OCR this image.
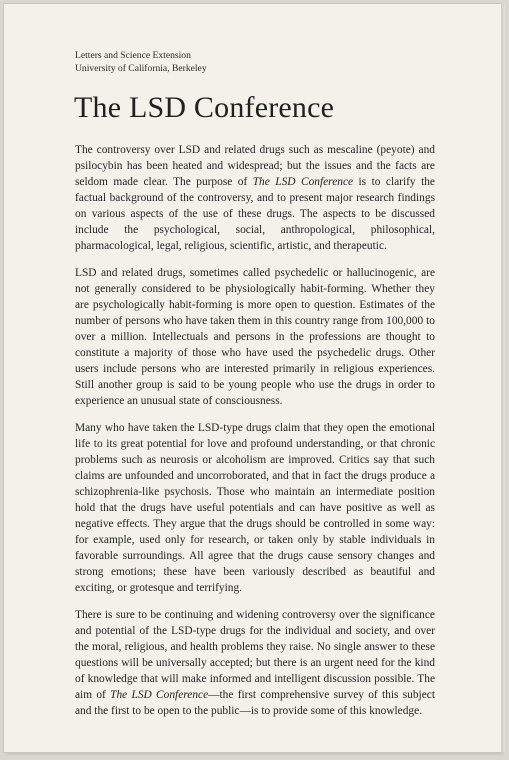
Letters and Science Extension
University of California, Berkeley
The LSD Conference

The controversy over LSD and related drugs such as mescaline (peyote) and psilocybin has been heated and widespread; but the issues and the facts are seldom made clear. The purpose of The LSD Conference is to clarify the factual background of the controversy, and to present major research findings on various aspects of the use of these drugs. The aspects to be discussed include the psychological, social, anthropological, philosophical, pharmacological, legal, religious, scientific, artistic, and therapeutic.

LSD and related drugs, sometimes called psychedelic or hallucinogenic, are not generally considered to be physiologically habit-forming. Whether they are psychologically habit-forming is more open to question. Estimates of the number of persons who have taken them in this country range from 100,000 to over a million. Intellectuals and persons in the professions are thought to constitute a majority of those who have used the psychedelic drugs. Other users include persons who are interested primarily in religious experiences. Still another group is said to be young people who use the drugs in order to experience an unusual state of consciousness.

Many who have taken the LSD-type drugs claim that they open the emotional life to its great potential for love and profound understanding, or that chronic problems such as neurosis or alcoholism are improved. Critics say that such claims are unfounded and uncorroborated, and that in fact the drugs produce a schizophrenia-like psychosis. Those who maintain an intermediate position hold that the drugs have useful potentials and can have positive as well as negative effects. They argue that the drugs should be controlled in some way: for example, used only for research, or taken only by stable individuals in favorable surroundings. All agree that the drugs cause sensory changes and strong emotions; these have been variously described as beautiful and exciting, or grotesque and terrifying.

There is sure to be continuing and widening controversy over the significance and potential of the LSD-type drugs for the individual and society, and over the moral, religious, and health problems they raise. No single answer to these questions will be universally accepted; but there is an urgent need for the kind of knowledge that will make informed and intelligent discussion possible. The aim of The LSD Conference—the first comprehensive survey of this subject and the first to be open to the public—is to provide some of this knowledge.
